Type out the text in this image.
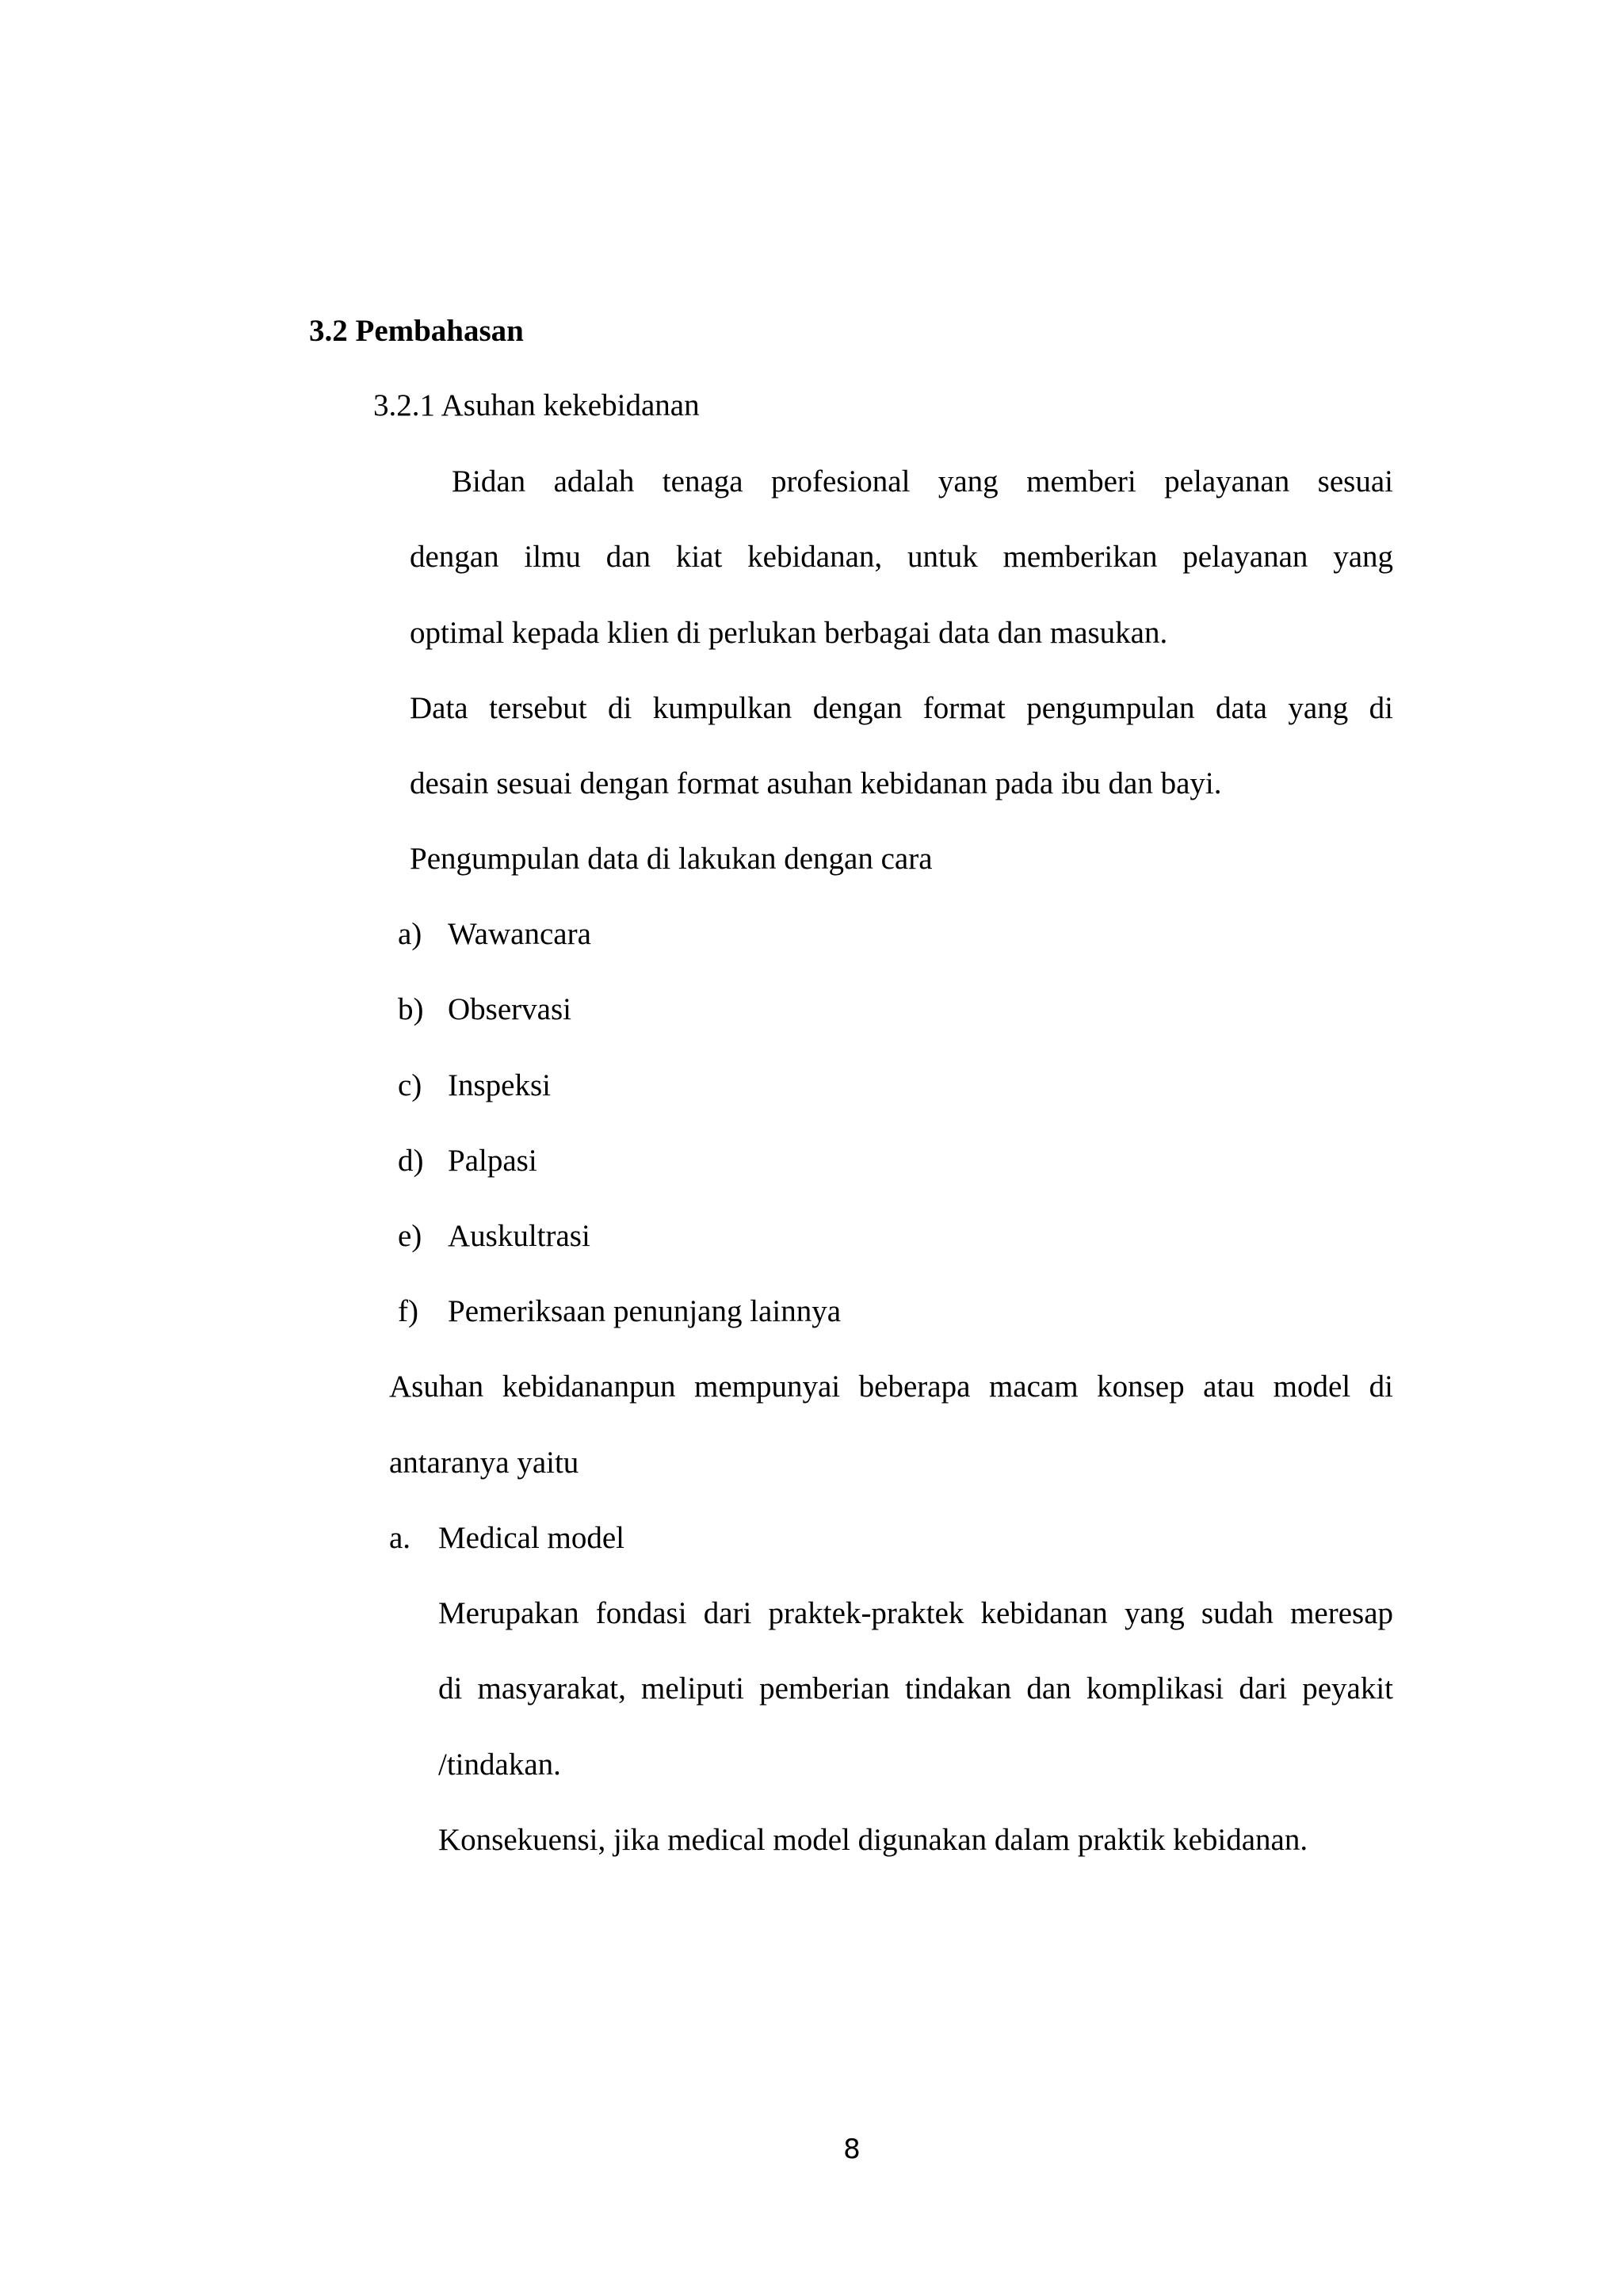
3.2 Pembahasan
3.2.1 Asuhan kekebidanan
Bidan adalah tenaga profesional yang memberi pelayanan sesuai
dengan ilmu dan kiat kebidanan, untuk memberikan pelayanan yang
optimal kepada klien di perlukan berbagai data dan masukan.
Data tersebut di kumpulkan dengan format pengumpulan data yang di
desain sesuai dengan format asuhan kebidanan pada ibu dan bayi.
Pengumpulan data di lakukan dengan cara
a) Wawancara
b) Observasi
c) Inspeksi
d) Palpasi
e) Auskultrasi
f) Pemeriksaan penunjang lainnya
Asuhan kebidananpun mempunyai beberapa macam konsep atau model di
antaranya yaitu
a. Medical model
Merupakan fondasi dari praktek-praktek kebidanan yang sudah meresap
di masyarakat, meliputi pemberian tindakan dan komplikasi dari peyakit
/tindakan.
Konsekuensi, jika medical model digunakan dalam praktik kebidanan.
8
